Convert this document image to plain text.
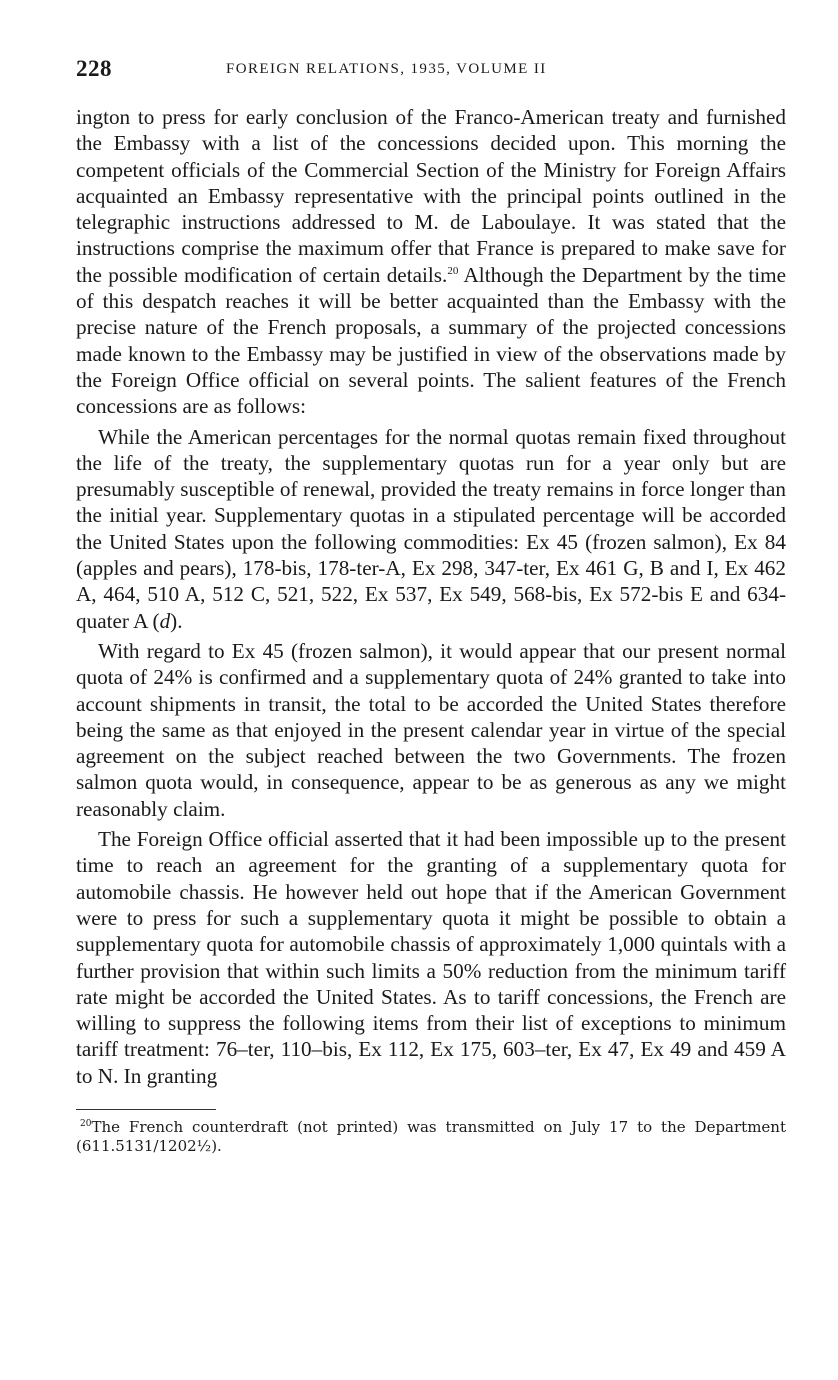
228	FOREIGN RELATIONS, 1935, VOLUME II

ington to press for early conclusion of the Franco-American treaty and furnished the Embassy with a list of the concessions decided upon. This morning the competent officials of the Commercial Section of the Ministry for Foreign Affairs acquainted an Embassy representative with the principal points outlined in the telegraphic instructions addressed to M. de Laboulaye. It was stated that the instructions comprise the maximum offer that France is prepared to make save for the possible modification of certain details.$^{20}$ Although the Department by the time of this despatch reaches it will be better acquainted than the Embassy with the precise nature of the French proposals, a summary of the projected concessions made known to the Embassy may be justified in view of the observations made by the Foreign Office official on several points. The salient features of the French concessions are as follows:

While the American percentages for the normal quotas remain fixed throughout the life of the treaty, the supplementary quotas run for a year only but are presumably susceptible of renewal, provided the treaty remains in force longer than the initial year. Supplementary quotas in a stipulated percentage will be accorded the United States upon the following commodities: Ex 45 (frozen salmon), Ex 84 (apples and pears), 178-bis, 178-ter-A, Ex 298, 347-ter, Ex 461 G, B and I, Ex 462 A, 464, 510 A, 512 C, 521, 522, Ex 537, Ex 549, 568-bis, Ex 572-bis E and 634-quater A (d).

With regard to Ex 45 (frozen salmon), it would appear that our present normal quota of 24% is confirmed and a supplementary quota of 24% granted to take into account shipments in transit, the total to be accorded the United States therefore being the same as that enjoyed in the present calendar year in virtue of the special agreement on the subject reached between the two Governments. The frozen salmon quota would, in consequence, appear to be as generous as any we might reasonably claim.

The Foreign Office official asserted that it had been impossible up to the present time to reach an agreement for the granting of a supplementary quota for automobile chassis. He however held out hope that if the American Government were to press for such a supplementary quota it might be possible to obtain a supplementary quota for automobile chassis of approximately 1,000 quintals with a further provision that within such limits a 50% reduction from the minimum tariff rate might be accorded the United States. As to tariff concessions, the French are willing to suppress the following items from their list of exceptions to minimum tariff treatment: 76–ter, 110–bis, Ex 112, Ex 175, 603–ter, Ex 47, Ex 49 and 459 A to N. In granting

$^{20}$The French counterdraft (not printed) was transmitted on July 17 to the Department (611.5131/1202½).
